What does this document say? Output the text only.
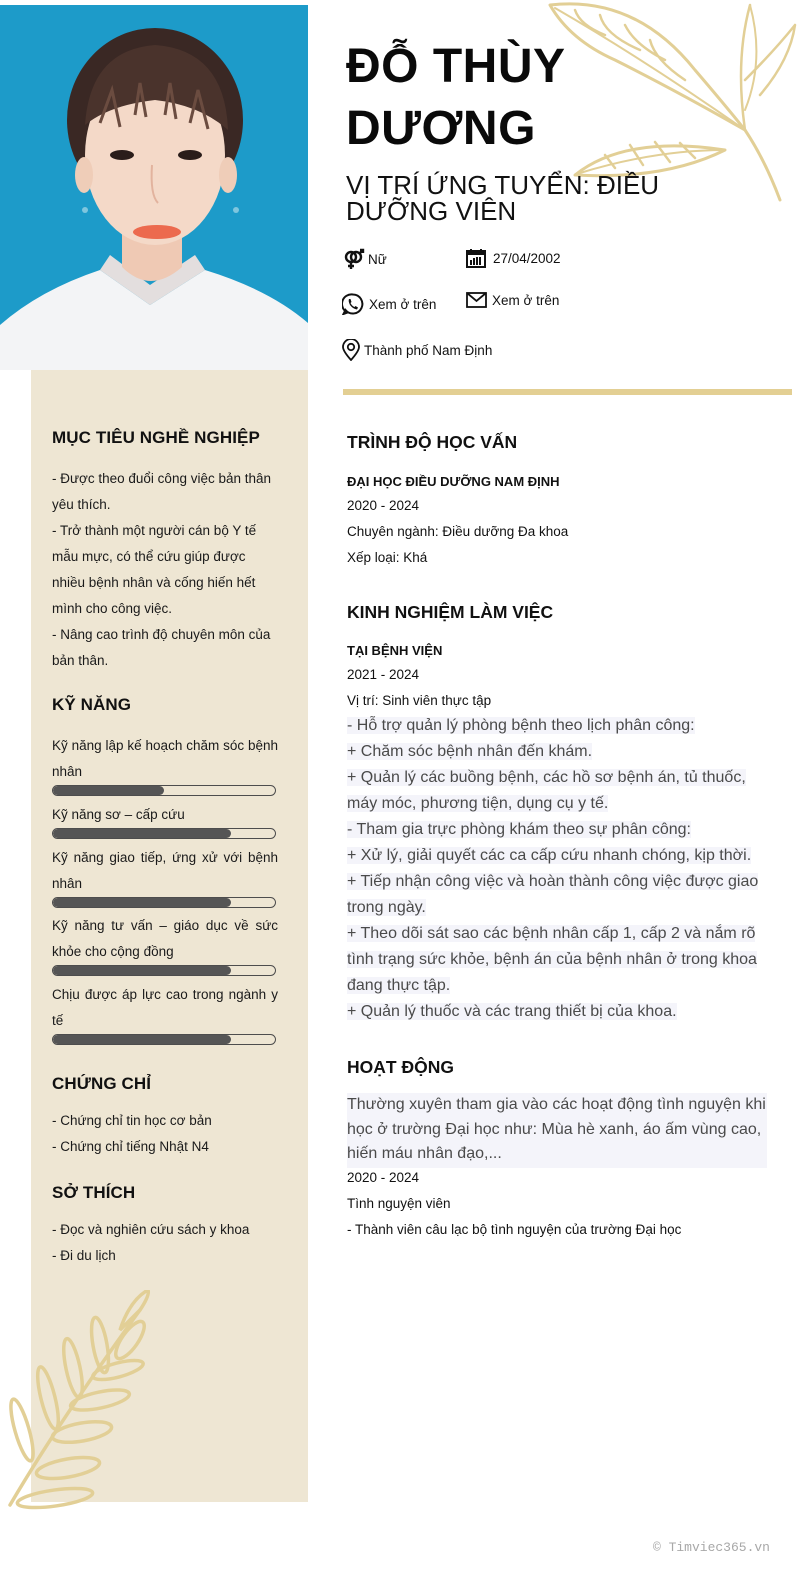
MỤC TIÊU NGHỀ NGHIỆP
- Được theo đuổi công việc bản thân
yêu thích.
- Trở thành một người cán bộ Y tế
mẫu mực, có thể cứu giúp được
nhiều bệnh nhân và cống hiến hết
mình cho công việc.
- Nâng cao trình độ chuyên môn của
bản thân.
KỸ NĂNG
Kỹ năng lập kế hoạch chăm sóc bệnh nhân
Kỹ năng sơ – cấp cứu
Kỹ năng giao tiếp, ứng xử với bệnh nhân
Kỹ năng tư vấn – giáo dục về sức khỏe cho cộng đồng
Chịu được áp lực cao trong ngành y tế
CHỨNG CHỈ
- Chứng chỉ tin học cơ bản
- Chứng chỉ tiếng Nhật N4
SỞ THÍCH
- Đọc và nghiên cứu sách y khoa
- Đi du lịch
ĐỖ THÙY
DƯƠNG
VỊ TRÍ ỨNG TUYỂN: ĐIỀU DƯỠNG VIÊN
Nữ	27/04/2002
Xem ở trên	Xem ở trên
Thành phố Nam Định
TRÌNH ĐỘ HỌC VẤN
ĐẠI HỌC ĐIỀU DƯỠNG NAM ĐỊNH
2020 - 2024
Chuyên ngành: Điều dưỡng Đa khoa
Xếp loại: Khá
KINH NGHIỆM LÀM VIỆC
TẠI BỆNH VIỆN
2021 - 2024
Vị trí: Sinh viên thực tập
- Hỗ trợ quản lý phòng bệnh theo lịch phân công:
+ Chăm sóc bệnh nhân đến khám.
+ Quản lý các buồng bệnh, các hồ sơ bệnh án, tủ thuốc,
máy móc, phương tiện, dụng cụ y tế.
- Tham gia trực phòng khám theo sự phân công:
+ Xử lý, giải quyết các ca cấp cứu nhanh chóng, kịp thời.
+ Tiếp nhận công việc và hoàn thành công việc được giao
trong ngày.
+ Theo dõi sát sao các bệnh nhân cấp 1, cấp 2 và nắm rõ
tình trạng sức khỏe, bệnh án của bệnh nhân ở trong khoa
đang thực tập.
+ Quản lý thuốc và các trang thiết bị của khoa.
HOẠT ĐỘNG
Thường xuyên tham gia vào các hoạt động tình nguyện khi
học ở trường Đại học như: Mùa hè xanh, áo ấm vùng cao,
hiến máu nhân đạo,...
2020 - 2024
Tình nguyện viên
- Thành viên câu lạc bộ tình nguyện của trường Đại học
© Timviec365.vn
